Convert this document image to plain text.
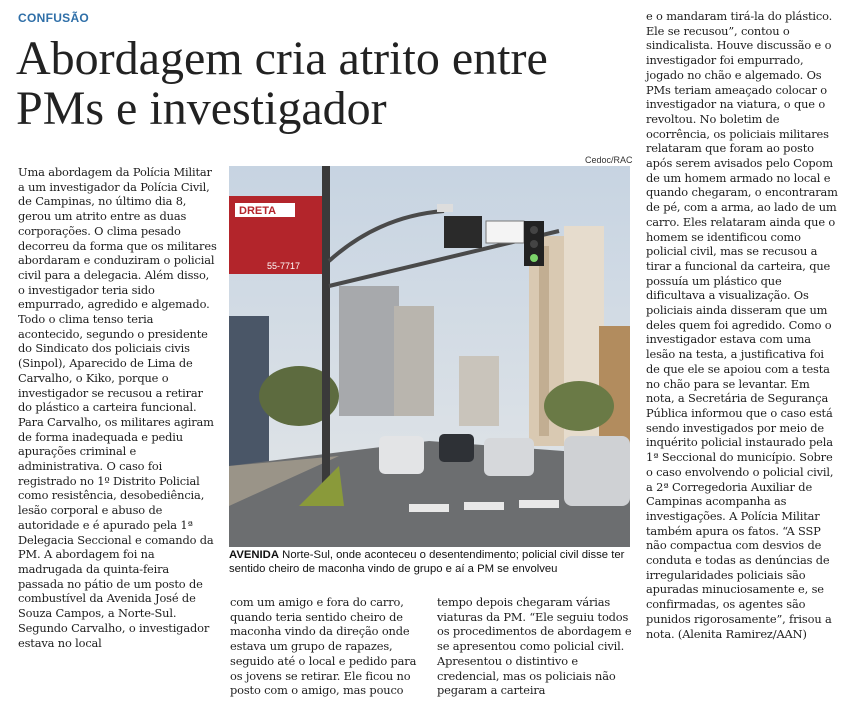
CONFUSÃO
Abordagem cria atrito entre PMs e investigador
Cedoc/RAC

Uma abordagem da Polícia Militar a um investigador da Polícia Civil, de Campinas, no último dia 8, gerou um atrito entre as duas corporações. O clima pesado decorreu da forma que os militares abordaram e conduziram o policial civil para a delegacia. Além disso, o investigador teria sido empurrado, agredido e algemado.

Todo o clima tenso teria acontecido, segundo o presidente do Sindicato dos policiais civis (Sinpol), Aparecido de Lima de Carvalho, o Kiko, porque o investigador se recusou a retirar do plástico a carteira funcional. Para Carvalho, os militares agiram de forma inadequada e pediu apurações criminal e administrativa. O caso foi registrado no 1º Distrito Policial como resistência, desobediência, lesão corporal e abuso de autoridade e é apurado pela 1ª Delegacia Seccional e comando da PM. A abordagem foi na madrugada da quinta-feira passada no pátio de um posto de combustível da Avenida José de Souza Campos, a Norte-Sul. Segundo Carvalho, o investigador estava no local

DRETA
55-7717
AVENIDA Norte-Sul, onde aconteceu o desentendimento; policial civil disse ter sentido cheiro de maconha vindo de grupo e aí a PM se envolveu

com um amigo e fora do carro, quando teria sentido cheiro de maconha vindo da direção onde estava um grupo de rapazes, seguido até o local e pedido para os jovens se retirar. Ele ficou no posto com o amigo, mas pouco

tempo depois chegaram várias viaturas da PM. “Ele seguiu todos os procedimentos de abordagem e se apresentou como policial civil. Apresentou o distintivo e credencial, mas os policiais não pegaram a carteira

e o mandaram tirá-la do plástico. Ele se recusou”, contou o sindicalista. Houve discussão e o investigador foi empurrado, jogado no chão e algemado. Os PMs teriam ameaçado colocar o investigador na viatura, o que o revoltou. No boletim de ocorrência, os policiais militares relataram que foram ao posto após serem avisados pelo Copom de um homem armado no local e quando chegaram, o encontraram de pé, com a arma, ao lado de um carro. Eles relataram ainda que o homem se identificou como policial civil, mas se recusou a tirar a funcional da carteira, que possuía um plástico que dificultava a visualização. Os policiais ainda disseram que um deles quem foi agredido. Como o investigador estava com uma lesão na testa, a justificativa foi de que ele se apoiou com a testa no chão para se levantar. Em nota, a Secretária de Segurança Pública informou que o caso está sendo investigados por meio de inquérito policial instaurado pela 1ª Seccional do município. Sobre o caso envolvendo o policial civil, a 2ª Corregedoria Auxiliar de Campinas acompanha as investigações. A Polícia Militar também apura os fatos. “A SSP não compactua com desvios de conduta e todas as denúncias de irregularidades policiais são apuradas minuciosamente e, se confirmadas, os agentes são punidos rigorosamente”, frisou a nota. (Alenita Ramirez/AAN)
